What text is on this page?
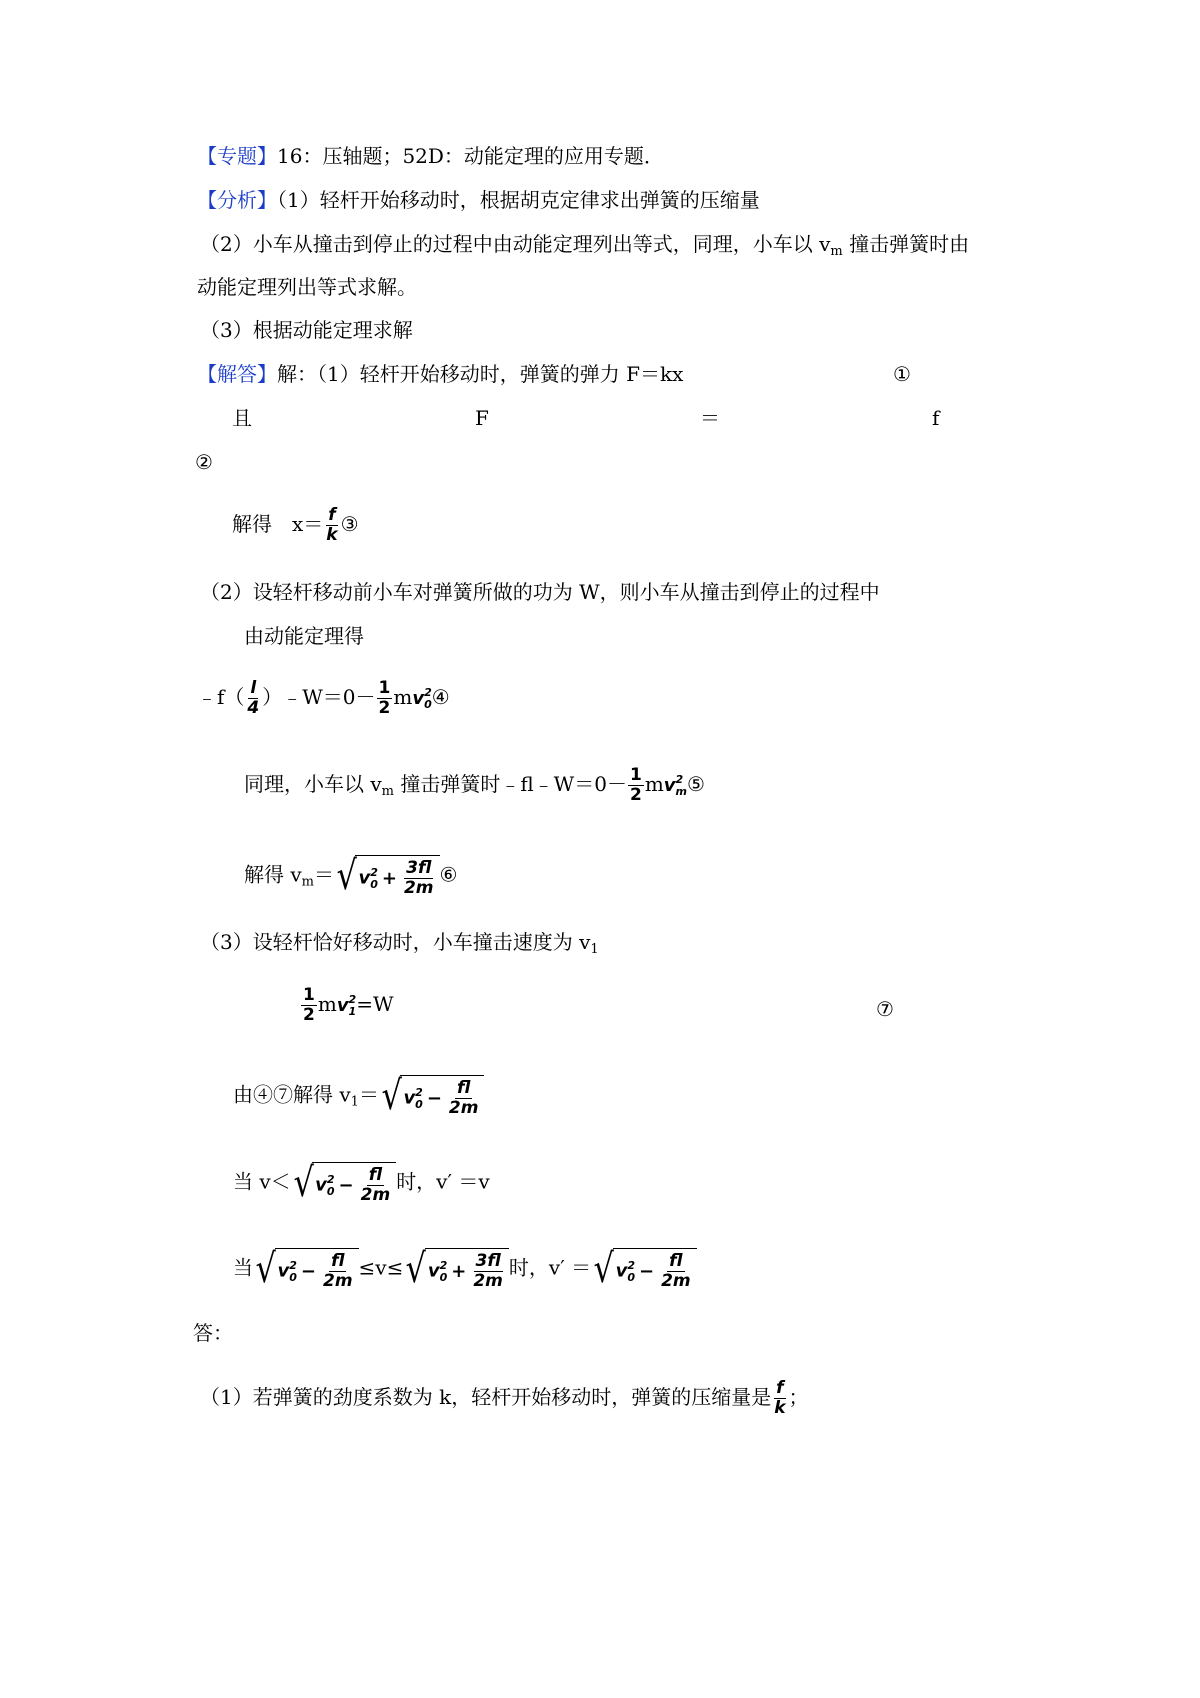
【专题】16：压轴题；52D：动能定理的应用专题．
【分析】（1）轻杆开始移动时，根据胡克定律求出弹簧的压缩量
（2）小车从撞击到停止的过程中由动能定理列出等式，同理，小车以 $v_m$ 撞击弹簧时由
动能定理列出等式求解。
（3）根据动能定理求解
【解答】解：（1）轻杆开始移动时，弹簧的弹力 F＝kx	①
且	F	＝	f
②
解得　$x= \frac{f}{k}$ ③
（2）设轻杆移动前小车对弹簧所做的功为 W，则小车从撞击到停止的过程中
由动能定理得
﹣f（ $\frac{l}{4}$ ）﹣W＝0－ $\frac{1}{2}$ mv 2
0 ④
同理，小车以 $v_m$ 撞击弹簧时﹣fl﹣W＝0－ $\frac{1}{2}$ mv 2
m ⑤
解得 $v_m=$ √ v 2
$0 + \frac{3fl}{2m}$ ⑥
（3）设轻杆恰好移动时，小车撞击速度为 $v_1$
$\frac{1}{2}$ mv 2
1 =W	⑦
由④⑦解得 $v_1=$ √ v 2
$0 - \frac{fl}{2m}$
当 v＜ √ v 2
$0 - \frac{fl}{2m}$ 时，v′ ＝v
当 √ v 2
$0 - \frac{fl}{2m} \le v\le$ √ v 2
$0 + \frac{3fl}{2m}$ 时，v′ ＝ √ v 2
$0 - \frac{fl}{2m}$
答：
（1）若弹簧的劲度系数为 k，轻杆开始移动时，弹簧的压缩量是 $\frac{f}{k}$ ；
